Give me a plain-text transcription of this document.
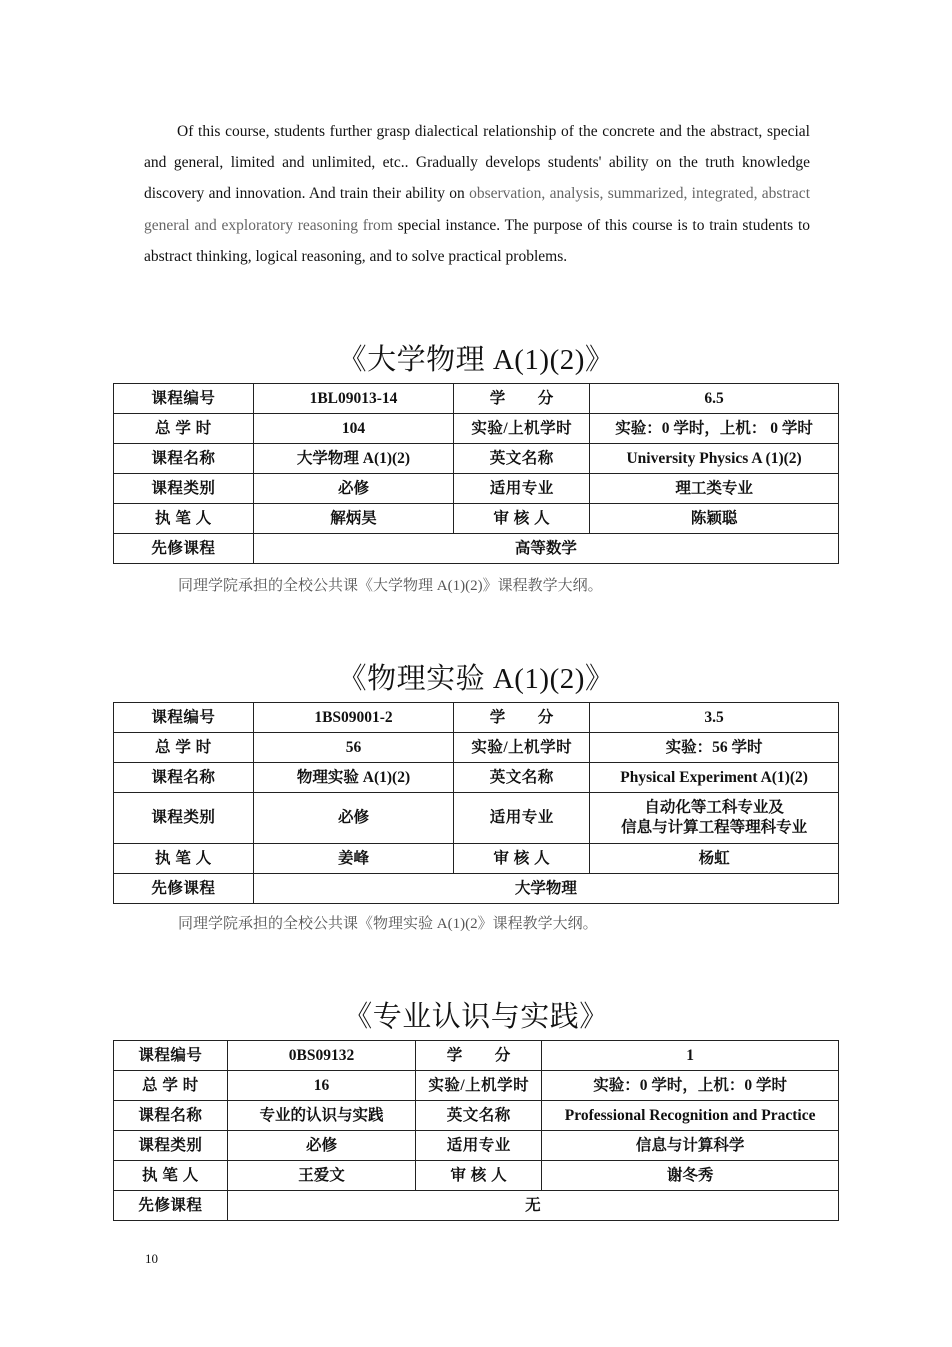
Of this course, students further grasp dialectical relationship of the concrete and the abstract, special and general, limited and unlimited, etc.. Gradually develops students' ability on the truth knowledge discovery and innovation. And train their ability on observation, analysis, summarized, integrated, abstract general and exploratory reasoning from special instance. The purpose of this course is to train students to abstract thinking, logical reasoning, and to solve practical problems.

《大学物理 A(1)(2)》
课程编号	1BL09013-14	学　　分	6.5
总 学 时	104	实验/上机学时	实验：0 学时，上机： 0 学时
课程名称	大学物理 A(1)(2)	英文名称	University Physics A (1)(2)
课程类别	必修	适用专业	理工类专业
执 笔 人	解炳昊	审 核 人	陈颖聪
先修课程	高等数学		

同理学院承担的全校公共课《大学物理 A(1)(2)》课程教学大纲。

《物理实验 A(1)(2)》
课程编号	1BS09001-2	学　　分	3.5
总 学 时	56	实验/上机学时	实验：56 学时
课程名称	物理实验 A(1)(2)	英文名称	Physical Experiment A(1)(2)
课程类别	必修	适用专业	自动化等工科专业及
信息与计算工程等理科专业

执 笔 人	姜峰	审 核 人	杨虹
先修课程	大学物理		

同理学院承担的全校公共课《物理实验 A(1)(2》课程教学大纲。

《专业认识与实践》
课程编号	0BS09132	学　　分	1
总 学 时	16	实验/上机学时	实验：0 学时，上机：0 学时
课程名称	专业的认识与实践	英文名称	Professional Recognition and Practice
课程类别	必修	适用专业	信息与计算科学
执 笔 人	王爱文	审 核 人	谢冬秀
先修课程	无		

10
